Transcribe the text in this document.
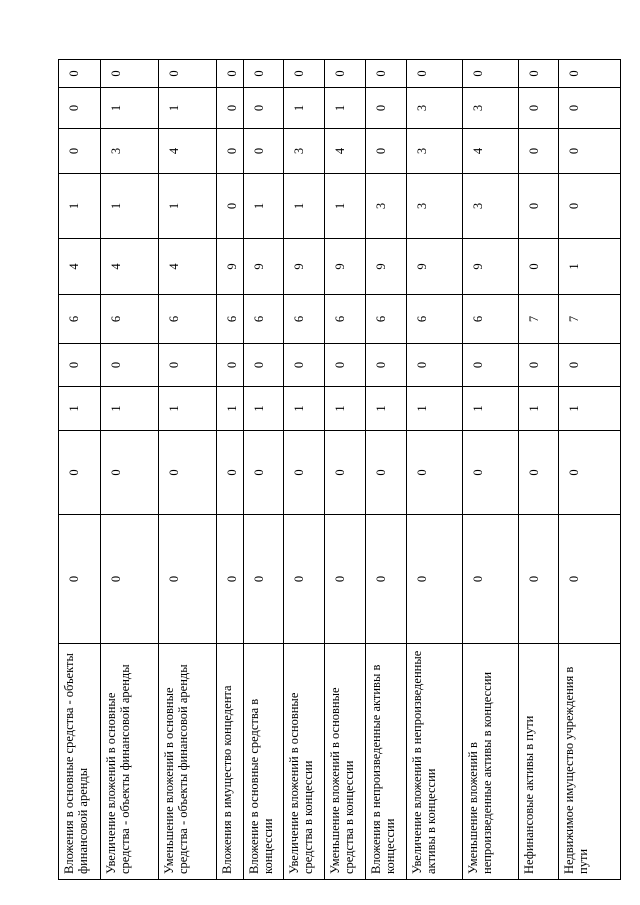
Вложения в основные средства - объекты финансовой аренды	0	0	1	0	6	4	1	0	0	0
Увеличение вложений в основные средства - объекты финансовой аренды	0	0	1	0	6	4	1	3	1	0
Уменьшение вложений в основные средства - объекты финансовой аренды	0	0	1	0	6	4	1	4	1	0
Вложения в имущество концедента	0	0	1	0	6	9	0	0	0	0
Вложение в основные средства в концессии	0	0	1	0	6	9	1	0	0	0
Увеличение вложений в основные средства в концессии	0	0	1	0	6	9	1	3	1	0
Уменьшение вложений в основные средства в концессии	0	0	1	0	6	9	1	4	1	0
Вложения в непроизведенные активы в концессии	0	0	1	0	6	9	3	0	0	0
Увеличение вложений в непроизведенные активы в концессии	0	0	1	0	6	9	3	3	3	0
Уменьшение вложений в непроизведенные активы в концессии	0	0	1	0	6	9	3	4	3	0
Нефинансовые активы в пути	0	0	1	0	7	0	0	0	0	0
Недвижимое имущество учреждения в пути	0	0	1	0	7	1	0	0	0	0
